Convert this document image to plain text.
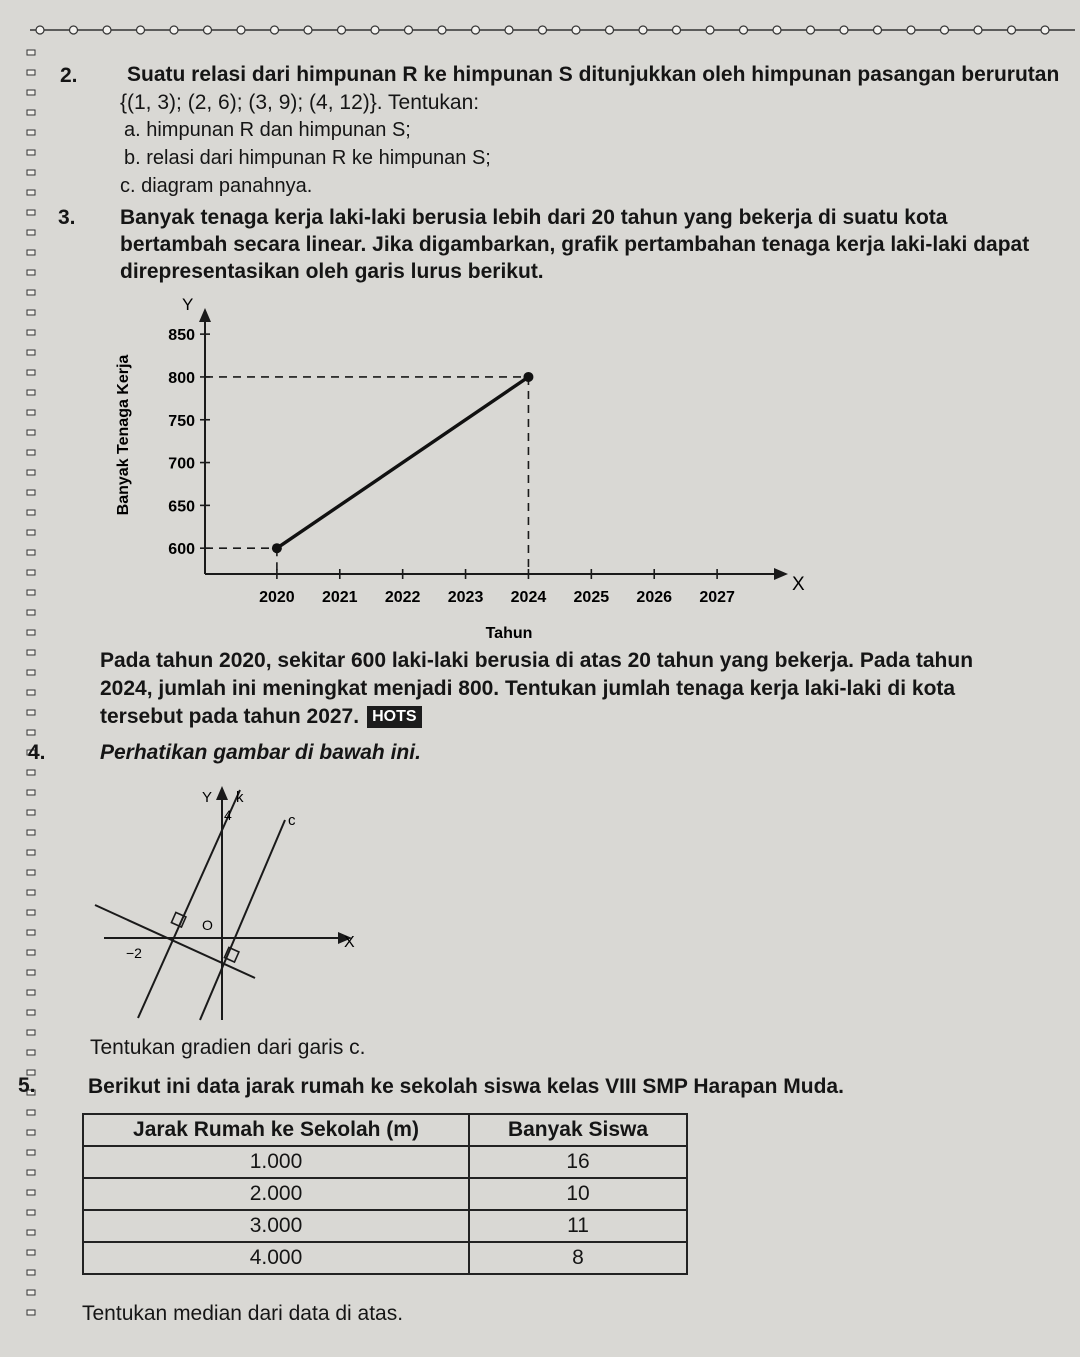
2. Suatu relasi dari himpunan R ke himpunan S ditunjukkan oleh himpunan pasangan berurutan
{(1, 3); (2, 6); (3, 9); (4, 12)}. Tentukan:
a. himpunan R dan himpunan S;
b. relasi dari himpunan R ke himpunan S;
c. diagram panahnya.
3. Banyak tenaga kerja laki-laki berusia lebih dari 20 tahun yang bekerja di suatu kota
bertambah secara linear. Jika digambarkan, grafik pertambahan tenaga kerja laki-laki dapat
direpresentasikan oleh garis lurus berikut.
600
650
700
750
800
850
2020 2021 2022 2023 2024 2025 2026 2027
Y
X
Tahun
Banyak Tenaga Kerja
Pada tahun 2020, sekitar 600 laki-laki berusia di atas 20 tahun yang bekerja. Pada tahun
2024, jumlah ini meningkat menjadi 800. Tentukan jumlah tenaga kerja laki-laki di kota
tersebut pada tahun 2027. HOTS
4.	Perhatikan gambar di bawah ini.
Y k
c
4
O
−2
X
Tentukan gradien dari garis c.
5. Berikut ini data jarak rumah ke sekolah siswa kelas VIII SMP Harapan Muda.
Jarak Rumah ke Sekolah (m)	Banyak Siswa
1.000	16
2.000	10
3.000	11
4.000	8
Tentukan median dari data di atas.
